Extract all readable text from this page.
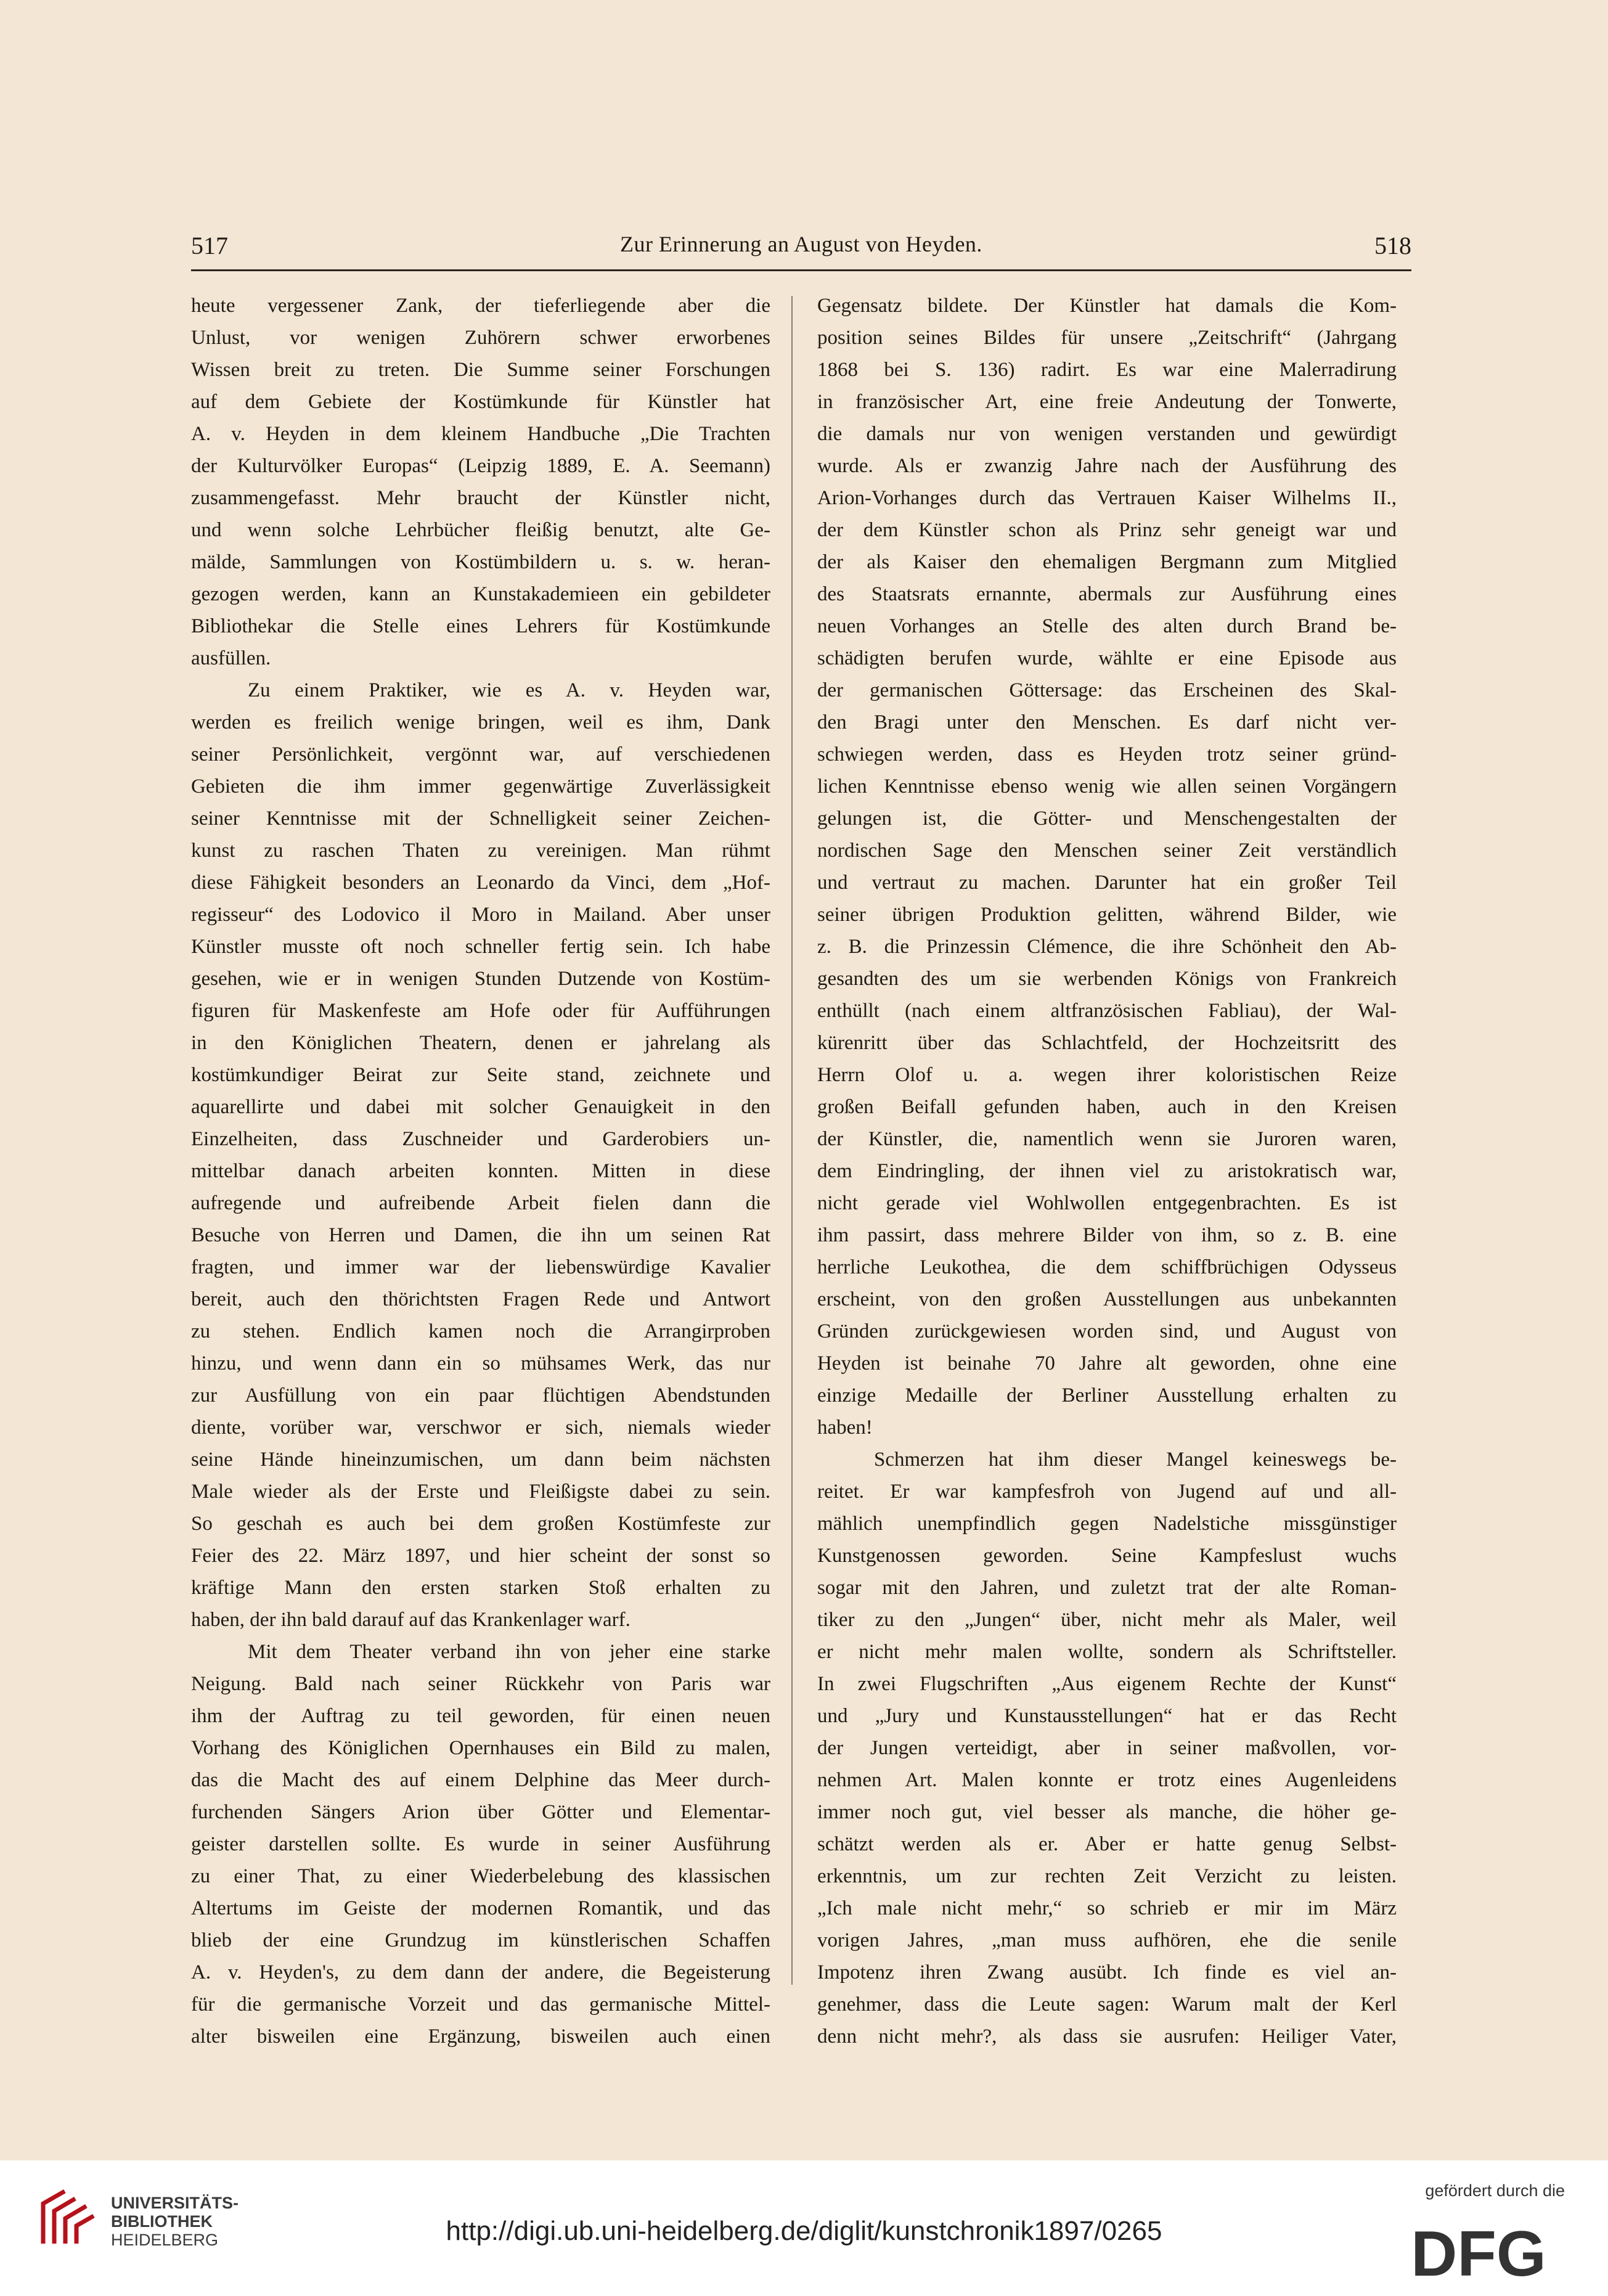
517	Zur Erinnerung an August von Heyden.	518
heute vergessener Zank, der tieferliegende aber die
Unlust, vor wenigen Zuhörern schwer erworbenes
Wissen breit zu treten. Die Summe seiner Forschungen
auf dem Gebiete der Kostümkunde für Künstler hat
A. v. Heyden in dem kleinem Handbuche „Die Trachten
der Kulturvölker Europas“ (Leipzig 1889, E. A. Seemann)
zusammengefasst. Mehr braucht der Künstler nicht,
und wenn solche Lehrbücher fleißig benutzt, alte Ge-
mälde, Sammlungen von Kostümbildern u. s. w. heran-
gezogen werden, kann an Kunstakademieen ein gebildeter
Bibliothekar die Stelle eines Lehrers für Kostümkunde
ausfüllen.
Zu einem Praktiker, wie es A. v. Heyden war,
werden es freilich wenige bringen, weil es ihm, Dank
seiner Persönlichkeit, vergönnt war, auf verschiedenen
Gebieten die ihm immer gegenwärtige Zuverlässigkeit
seiner Kenntnisse mit der Schnelligkeit seiner Zeichen-
kunst zu raschen Thaten zu vereinigen. Man rühmt
diese Fähigkeit besonders an Leonardo da Vinci, dem „Hof-
regisseur“ des Lodovico il Moro in Mailand. Aber unser
Künstler musste oft noch schneller fertig sein. Ich habe
gesehen, wie er in wenigen Stunden Dutzende von Kostüm-
figuren für Maskenfeste am Hofe oder für Aufführungen
in den Königlichen Theatern, denen er jahrelang als
kostümkundiger Beirat zur Seite stand, zeichnete und
aquarellirte und dabei mit solcher Genauigkeit in den
Einzelheiten, dass Zuschneider und Garderobiers un-
mittelbar danach arbeiten konnten. Mitten in diese
aufregende und aufreibende Arbeit fielen dann die
Besuche von Herren und Damen, die ihn um seinen Rat
fragten, und immer war der liebenswürdige Kavalier
bereit, auch den thörichtsten Fragen Rede und Antwort
zu stehen. Endlich kamen noch die Arrangirproben
hinzu, und wenn dann ein so mühsames Werk, das nur
zur Ausfüllung von ein paar flüchtigen Abendstunden
diente, vorüber war, verschwor er sich, niemals wieder
seine Hände hineinzumischen, um dann beim nächsten
Male wieder als der Erste und Fleißigste dabei zu sein.
So geschah es auch bei dem großen Kostümfeste zur
Feier des 22. März 1897, und hier scheint der sonst so
kräftige Mann den ersten starken Stoß erhalten zu
haben, der ihn bald darauf auf das Krankenlager warf.
Mit dem Theater verband ihn von jeher eine starke
Neigung. Bald nach seiner Rückkehr von Paris war
ihm der Auftrag zu teil geworden, für einen neuen
Vorhang des Königlichen Opernhauses ein Bild zu malen,
das die Macht des auf einem Delphine das Meer durch-
furchenden Sängers Arion über Götter und Elementar-
geister darstellen sollte. Es wurde in seiner Ausführung
zu einer That, zu einer Wiederbelebung des klassischen
Altertums im Geiste der modernen Romantik, und das
blieb der eine Grundzug im künstlerischen Schaffen
A. v. Heyden's, zu dem dann der andere, die Begeisterung
für die germanische Vorzeit und das germanische Mittel-
alter bisweilen eine Ergänzung, bisweilen auch einen
Gegensatz bildete. Der Künstler hat damals die Kom-
position seines Bildes für unsere „Zeitschrift“ (Jahrgang
1868 bei S. 136) radirt. Es war eine Malerradirung
in französischer Art, eine freie Andeutung der Tonwerte,
die damals nur von wenigen verstanden und gewürdigt
wurde. Als er zwanzig Jahre nach der Ausführung des
Arion-Vorhanges durch das Vertrauen Kaiser Wilhelms II.,
der dem Künstler schon als Prinz sehr geneigt war und
der als Kaiser den ehemaligen Bergmann zum Mitglied
des Staatsrats ernannte, abermals zur Ausführung eines
neuen Vorhanges an Stelle des alten durch Brand be-
schädigten berufen wurde, wählte er eine Episode aus
der germanischen Göttersage: das Erscheinen des Skal-
den Bragi unter den Menschen. Es darf nicht ver-
schwiegen werden, dass es Heyden trotz seiner gründ-
lichen Kenntnisse ebenso wenig wie allen seinen Vorgängern
gelungen ist, die Götter- und Menschengestalten der
nordischen Sage den Menschen seiner Zeit verständlich
und vertraut zu machen. Darunter hat ein großer Teil
seiner übrigen Produktion gelitten, während Bilder, wie
z. B. die Prinzessin Clémence, die ihre Schönheit den Ab-
gesandten des um sie werbenden Königs von Frankreich
enthüllt (nach einem altfranzösischen Fabliau), der Wal-
kürenritt über das Schlachtfeld, der Hochzeitsritt des
Herrn Olof u. a. wegen ihrer koloristischen Reize
großen Beifall gefunden haben, auch in den Kreisen
der Künstler, die, namentlich wenn sie Juroren waren,
dem Eindringling, der ihnen viel zu aristokratisch war,
nicht gerade viel Wohlwollen entgegenbrachten. Es ist
ihm passirt, dass mehrere Bilder von ihm, so z. B. eine
herrliche Leukothea, die dem schiffbrüchigen Odysseus
erscheint, von den großen Ausstellungen aus unbekannten
Gründen zurückgewiesen worden sind, und August von
Heyden ist beinahe 70 Jahre alt geworden, ohne eine
einzige Medaille der Berliner Ausstellung erhalten zu
haben!
Schmerzen hat ihm dieser Mangel keineswegs be-
reitet. Er war kampfesfroh von Jugend auf und all-
mählich unempfindlich gegen Nadelstiche missgünstiger
Kunstgenossen geworden. Seine Kampfeslust wuchs
sogar mit den Jahren, und zuletzt trat der alte Roman-
tiker zu den „Jungen“ über, nicht mehr als Maler, weil
er nicht mehr malen wollte, sondern als Schriftsteller.
In zwei Flugschriften „Aus eigenem Rechte der Kunst“
und „Jury und Kunstausstellungen“ hat er das Recht
der Jungen verteidigt, aber in seiner maßvollen, vor-
nehmen Art. Malen konnte er trotz eines Augenleidens
immer noch gut, viel besser als manche, die höher ge-
schätzt werden als er. Aber er hatte genug Selbst-
erkenntnis, um zur rechten Zeit Verzicht zu leisten.
„Ich male nicht mehr,“ so schrieb er mir im März
vorigen Jahres, „man muss aufhören, ehe die senile
Impotenz ihren Zwang ausübt. Ich finde es viel an-
genehmer, dass die Leute sagen: Warum malt der Kerl
denn nicht mehr?, als dass sie ausrufen: Heiliger Vater,
UNIVERSITÄTS-
BIBLIOTHEK
HEIDELBERG	http://digi.ub.uni-heidelberg.de/diglit/kunstchronik1897/0265
gefördert durch die
DFG
